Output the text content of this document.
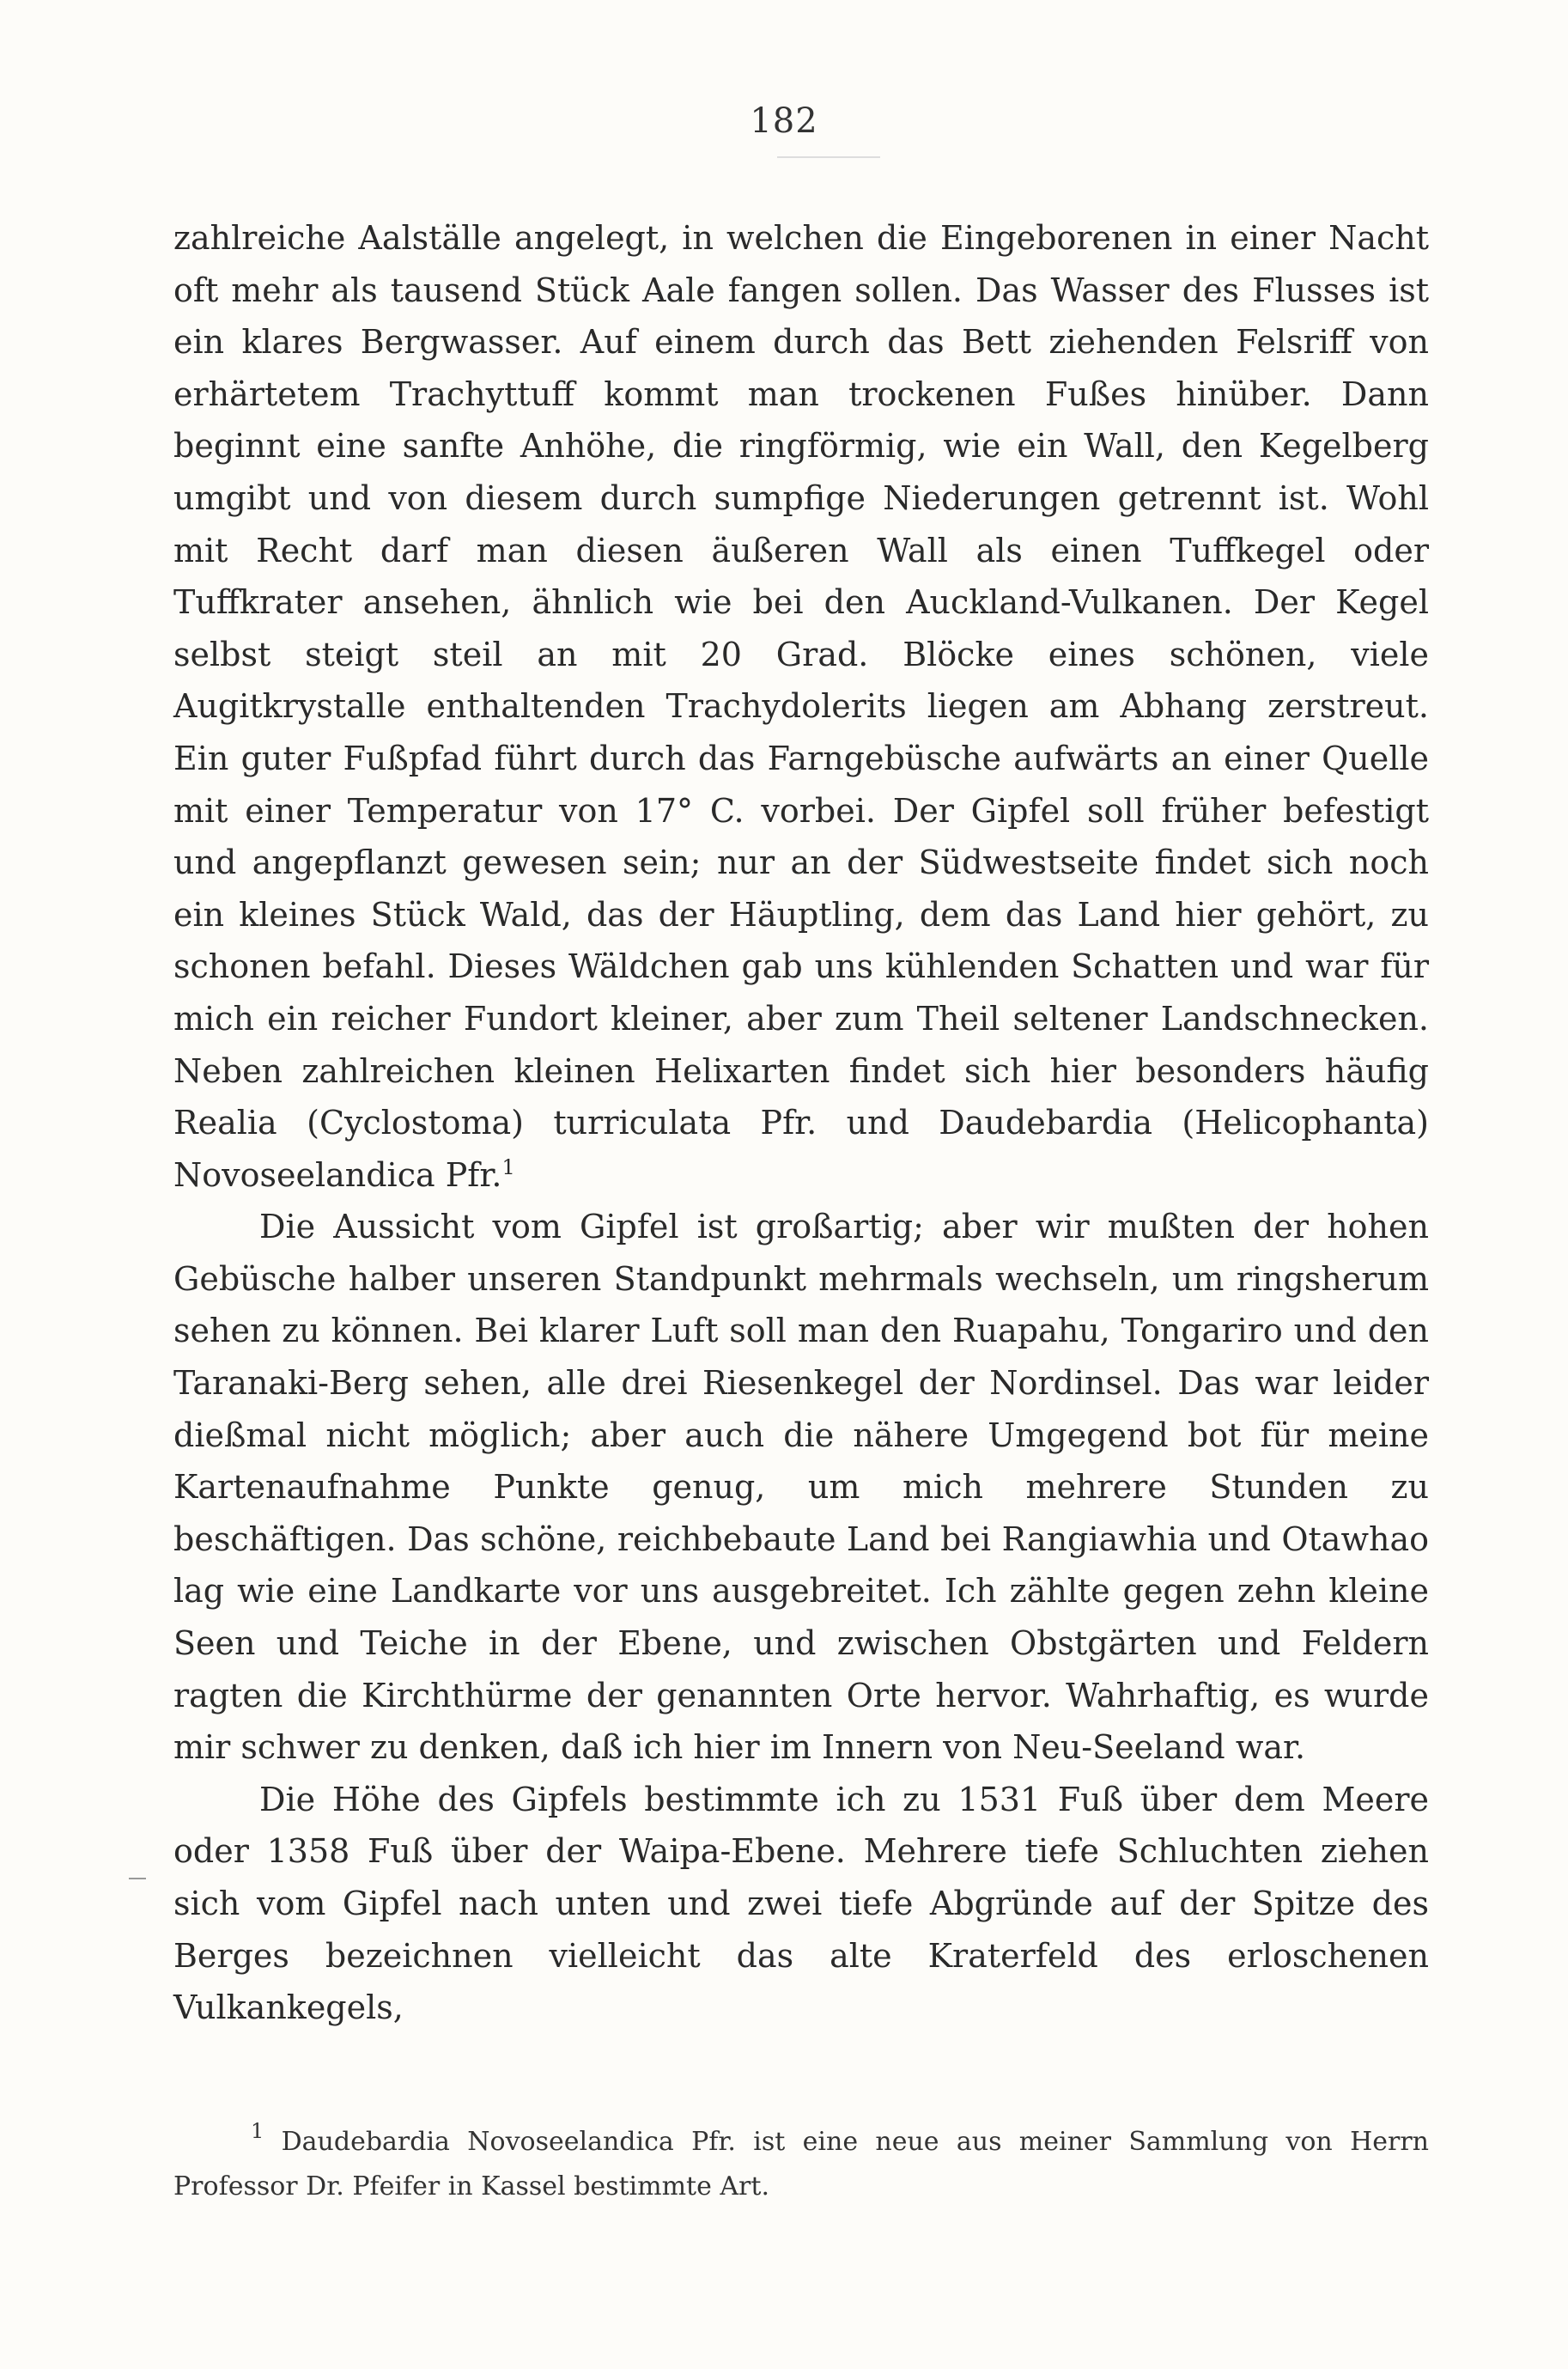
182

zahlreiche Aalställe angelegt, in welchen die Eingeborenen in einer Nacht oft mehr als tausend Stück Aale fangen sollen. Das Wasser des Flusses ist ein klares Bergwasser. Auf einem durch das Bett ziehenden Felsriff von erhärtetem Trachyttuff kommt man trockenen Fußes hinüber. Dann beginnt eine sanfte Anhöhe, die ringförmig, wie ein Wall, den Kegelberg umgibt und von diesem durch sumpfige Niederungen getrennt ist. Wohl mit Recht darf man diesen äußeren Wall als einen Tuffkegel oder Tuffkrater ansehen, ähnlich wie bei den Auckland-Vulkanen. Der Kegel selbst steigt steil an mit 20 Grad. Blöcke eines schönen, viele Augitkrystalle enthaltenden Trachydolerits liegen am Abhang zerstreut. Ein guter Fußpfad führt durch das Farngebüsche aufwärts an einer Quelle mit einer Temperatur von 17° C. vorbei. Der Gipfel soll früher befestigt und angepflanzt gewesen sein; nur an der Südwestseite findet sich noch ein kleines Stück Wald, das der Häuptling, dem das Land hier gehört, zu schonen befahl. Dieses Wäldchen gab uns kühlenden Schatten und war für mich ein reicher Fundort kleiner, aber zum Theil seltener Landschnecken. Neben zahlreichen kleinen Helixarten findet sich hier besonders häufig Realia (Cyclostoma) turriculata Pfr. und Daudebardia (Helicophanta) Novoseelandica Pfr.$^1$

Die Aussicht vom Gipfel ist großartig; aber wir mußten der hohen Gebüsche halber unseren Standpunkt mehrmals wechseln, um ringsherum sehen zu können. Bei klarer Luft soll man den Ruapahu, Tongariro und den Taranaki-Berg sehen, alle drei Riesenkegel der Nordinsel. Das war leider dießmal nicht möglich; aber auch die nähere Umgegend bot für meine Kartenaufnahme Punkte genug, um mich mehrere Stunden zu beschäftigen. Das schöne, reichbebaute Land bei Rangiawhia und Otawhao lag wie eine Landkarte vor uns ausgebreitet. Ich zählte gegen zehn kleine Seen und Teiche in der Ebene, und zwischen Obstgärten und Feldern ragten die Kirchthürme der genannten Orte hervor. Wahrhaftig, es wurde mir schwer zu denken, daß ich hier im Innern von Neu-Seeland war.

Die Höhe des Gipfels bestimmte ich zu 1531 Fuß über dem Meere oder 1358 Fuß über der Waipa-Ebene. Mehrere tiefe Schluchten ziehen sich vom Gipfel nach unten und zwei tiefe Abgründe auf der Spitze des Berges bezeichnen vielleicht das alte Kraterfeld des erloschenen Vulkankegels,

$^1$ Daudebardia Novoseelandica Pfr. ist eine neue aus meiner Sammlung von Herrn Professor Dr. Pfeifer in Kassel bestimmte Art.
